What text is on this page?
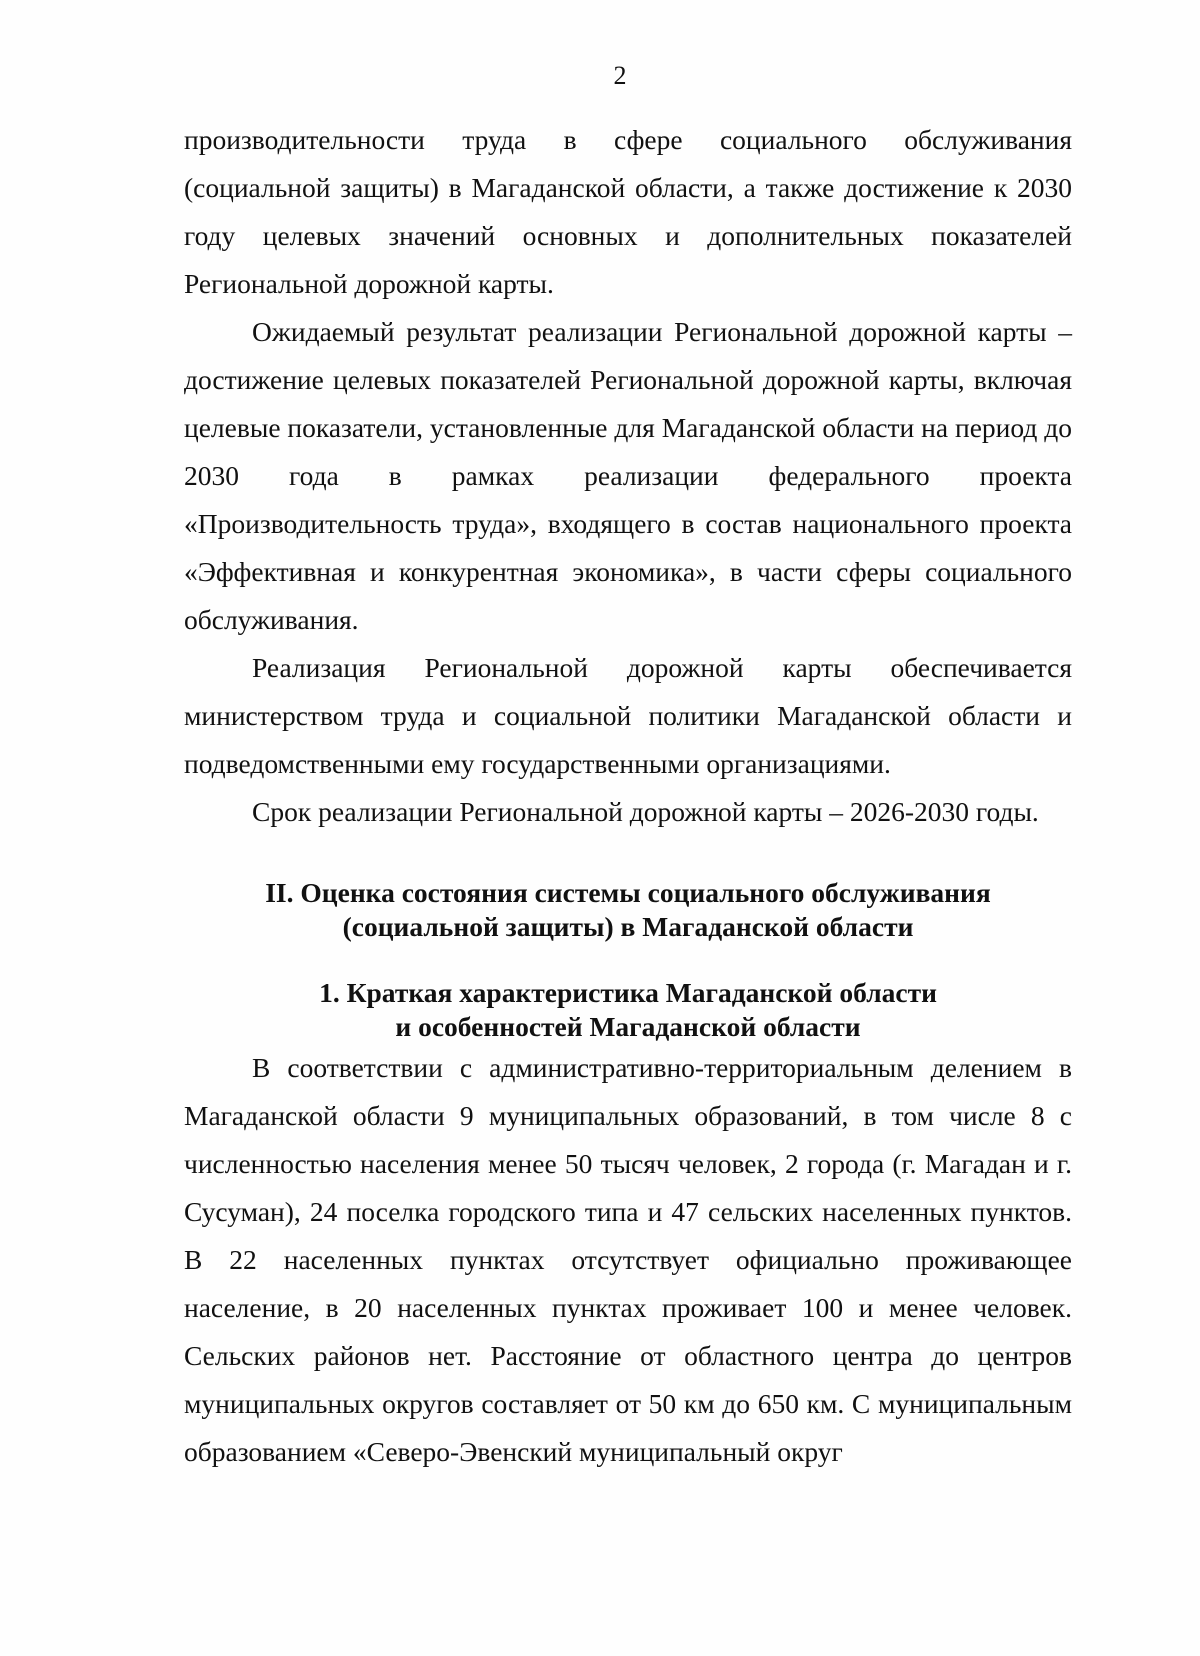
2

производительности труда в сфере социального обслуживания (социальной защиты) в Магаданской области, а также достижение к 2030 году целевых значений основных и дополнительных показателей Региональной дорожной карты.

Ожидаемый результат реализации Региональной дорожной карты – достижение целевых показателей Региональной дорожной карты, включая целевые показатели, установленные для Магаданской области на период до 2030 года в рамках реализации федерального проекта «Производительность труда», входящего в состав национального проекта «Эффективная и конкурентная экономика», в части сферы социального обслуживания.

Реализация Региональной дорожной карты обеспечивается министерством труда и социальной политики Магаданской области и подведомственными ему государственными организациями.

Срок реализации Региональной дорожной карты – 2026-2030 годы.

II. Оценка состояния системы социального обслуживания
(социальной защиты) в Магаданской области
1. Краткая характеристика Магаданской области
и особенностей Магаданской области

В соответствии с административно-территориальным делением в Магаданской области 9 муниципальных образований, в том числе 8 с численностью населения менее 50 тысяч человек, 2 города (г. Магадан и г. Сусуман), 24 поселка городского типа и 47 сельских населенных пунктов. В 22 населенных пунктах отсутствует официально проживающее население, в 20 населенных пунктах проживает 100 и менее человек. Сельских районов нет. Расстояние от областного центра до центров муниципальных округов составляет от 50 км до 650 км. С муниципальным образованием «Северо-Эвенский муниципальный округ
